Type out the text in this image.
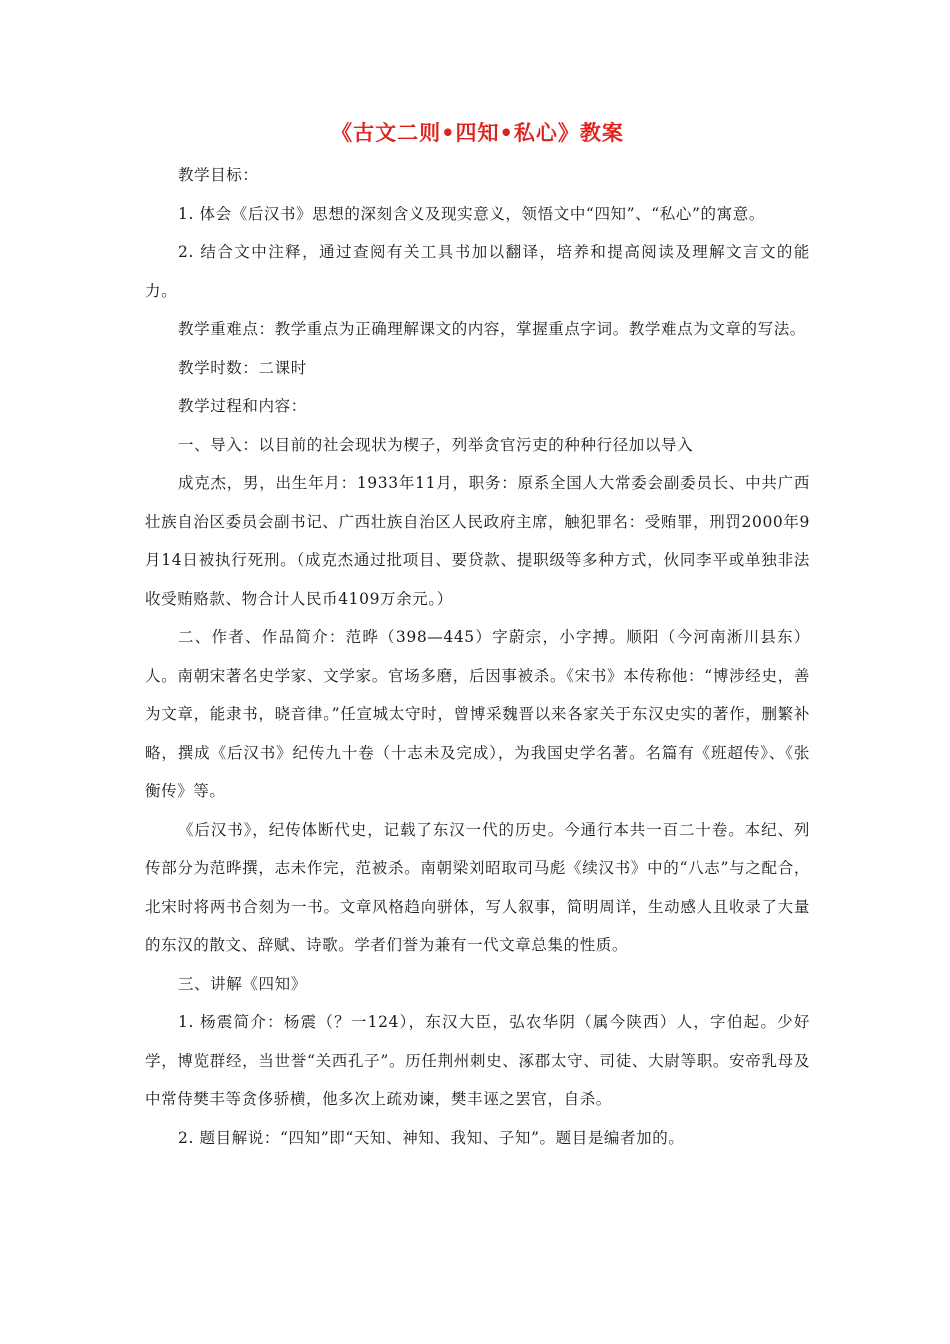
《古文二则•四知•私心》教案

教学目标：

1. 体会《后汉书》思想的深刻含义及现实意义，领悟文中“四知”、“私心”的寓意。

2. 结合文中注释，通过查阅有关工具书加以翻译，培养和提高阅读及理解文言文的能力。

教学重难点：教学重点为正确理解课文的内容，掌握重点字词。教学难点为文章的写法。

教学时数：二课时

教学过程和内容：

一、导入：以目前的社会现状为楔子，列举贪官污吏的种种行径加以导入

成克杰，男，出生年月：1933年11月，职务：原系全国人大常委会副委员长、中共广西壮族自治区委员会副书记、广西壮族自治区人民政府主席，触犯罪名：受贿罪，刑罚2000年9月14日被执行死刑。（成克杰通过批项目、要贷款、提职级等多种方式，伙同李平或单独非法收受贿赂款、物合计人民币4109万余元。）

二、作者、作品简介：范晔（398—445）字蔚宗，小字搏。顺阳（今河南淅川县东）人。南朝宋著名史学家、文学家。官场多磨，后因事被杀。《宋书》本传称他：“博涉经史，善为文章，能隶书，晓音律。”任宣城太守时，曾博采魏晋以来各家关于东汉史实的著作，删繁补略，撰成《后汉书》纪传九十卷（十志未及完成），为我国史学名著。名篇有《班超传》、《张衡传》等。

《后汉书》，纪传体断代史，记载了东汉一代的历史。今通行本共一百二十卷。本纪、列传部分为范晔撰，志未作完，范被杀。南朝梁刘昭取司马彪《续汉书》中的“八志”与之配合，北宋时将两书合刻为一书。文章风格趋向骈体，写人叙事，简明周详，生动感人且收录了大量的东汉的散文、辞赋、诗歌。学者们誉为兼有一代文章总集的性质。

三、讲解《四知》

1. 杨震简介：杨震（？一124），东汉大臣，弘农华阴（属今陕西）人，字伯起。少好学，博览群经，当世誉“关西孔子”。历任荆州刺史、涿郡太守、司徒、大尉等职。安帝乳母及中常侍樊丰等贪侈骄横，他多次上疏劝谏，樊丰诬之罢官，自杀。

2. 题目解说：“四知”即“天知、神知、我知、子知”。题目是编者加的。
